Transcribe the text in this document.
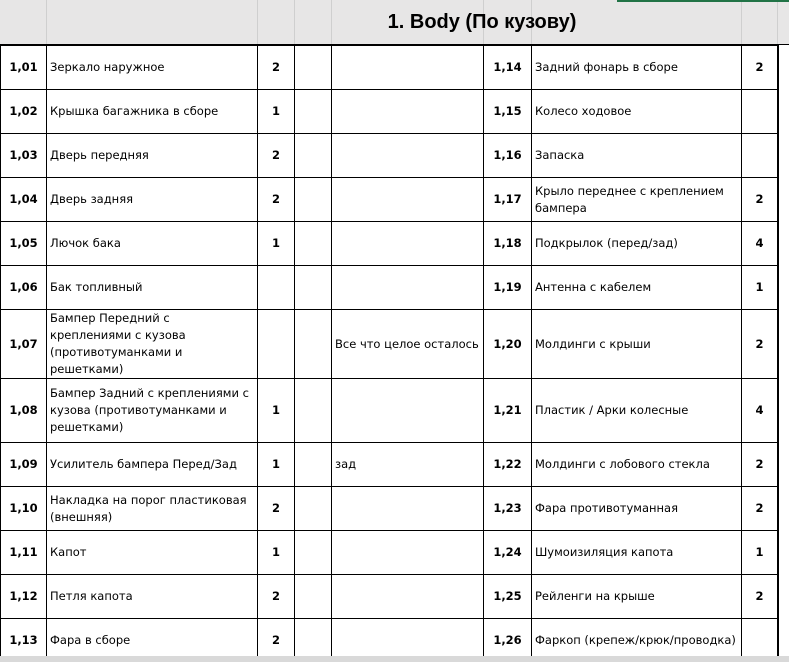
1. Body (По кузову)
1,01	Зеркало наружное	2			1,14	Задний фонарь в сборе	2	
1,02	Крышка багажника в сборе	1			1,15	Колесо ходовое		
1,03	Дверь передняя	2			1,16	Запаска		
1,04	Дверь задняя	2			1,17	Крыло переднее с креплением бампера	2	
1,05	Лючок бака	1			1,18	Подкрылок (перед/зад)	4	
1,06	Бак топливный				1,19	Антенна с кабелем	1	
1,07	Бампер Передний с креплениями с кузова (противотуманками и решетками)			Все что целое осталось	1,20	Молдинги с крыши	2	
1,08	Бампер Задний с креплениями с кузова (противотуманками и решетками)	1			1,21	Пластик / Арки колесные	4	
1,09	Усилитель бампера Перед/Зад	1		зад	1,22	Молдинги с лобового стекла	2	
1,10	Накладка на порог пластиковая (внешняя)	2			1,23	Фара противотуманная	2	
1,11	Капот	1			1,24	Шумоизиляция капота	1	
1,12	Петля капота	2			1,25	Рейленги на крыше	2	
1,13	Фара в сборе	2			1,26	Фаркоп (крепеж/крюк/проводка)		
